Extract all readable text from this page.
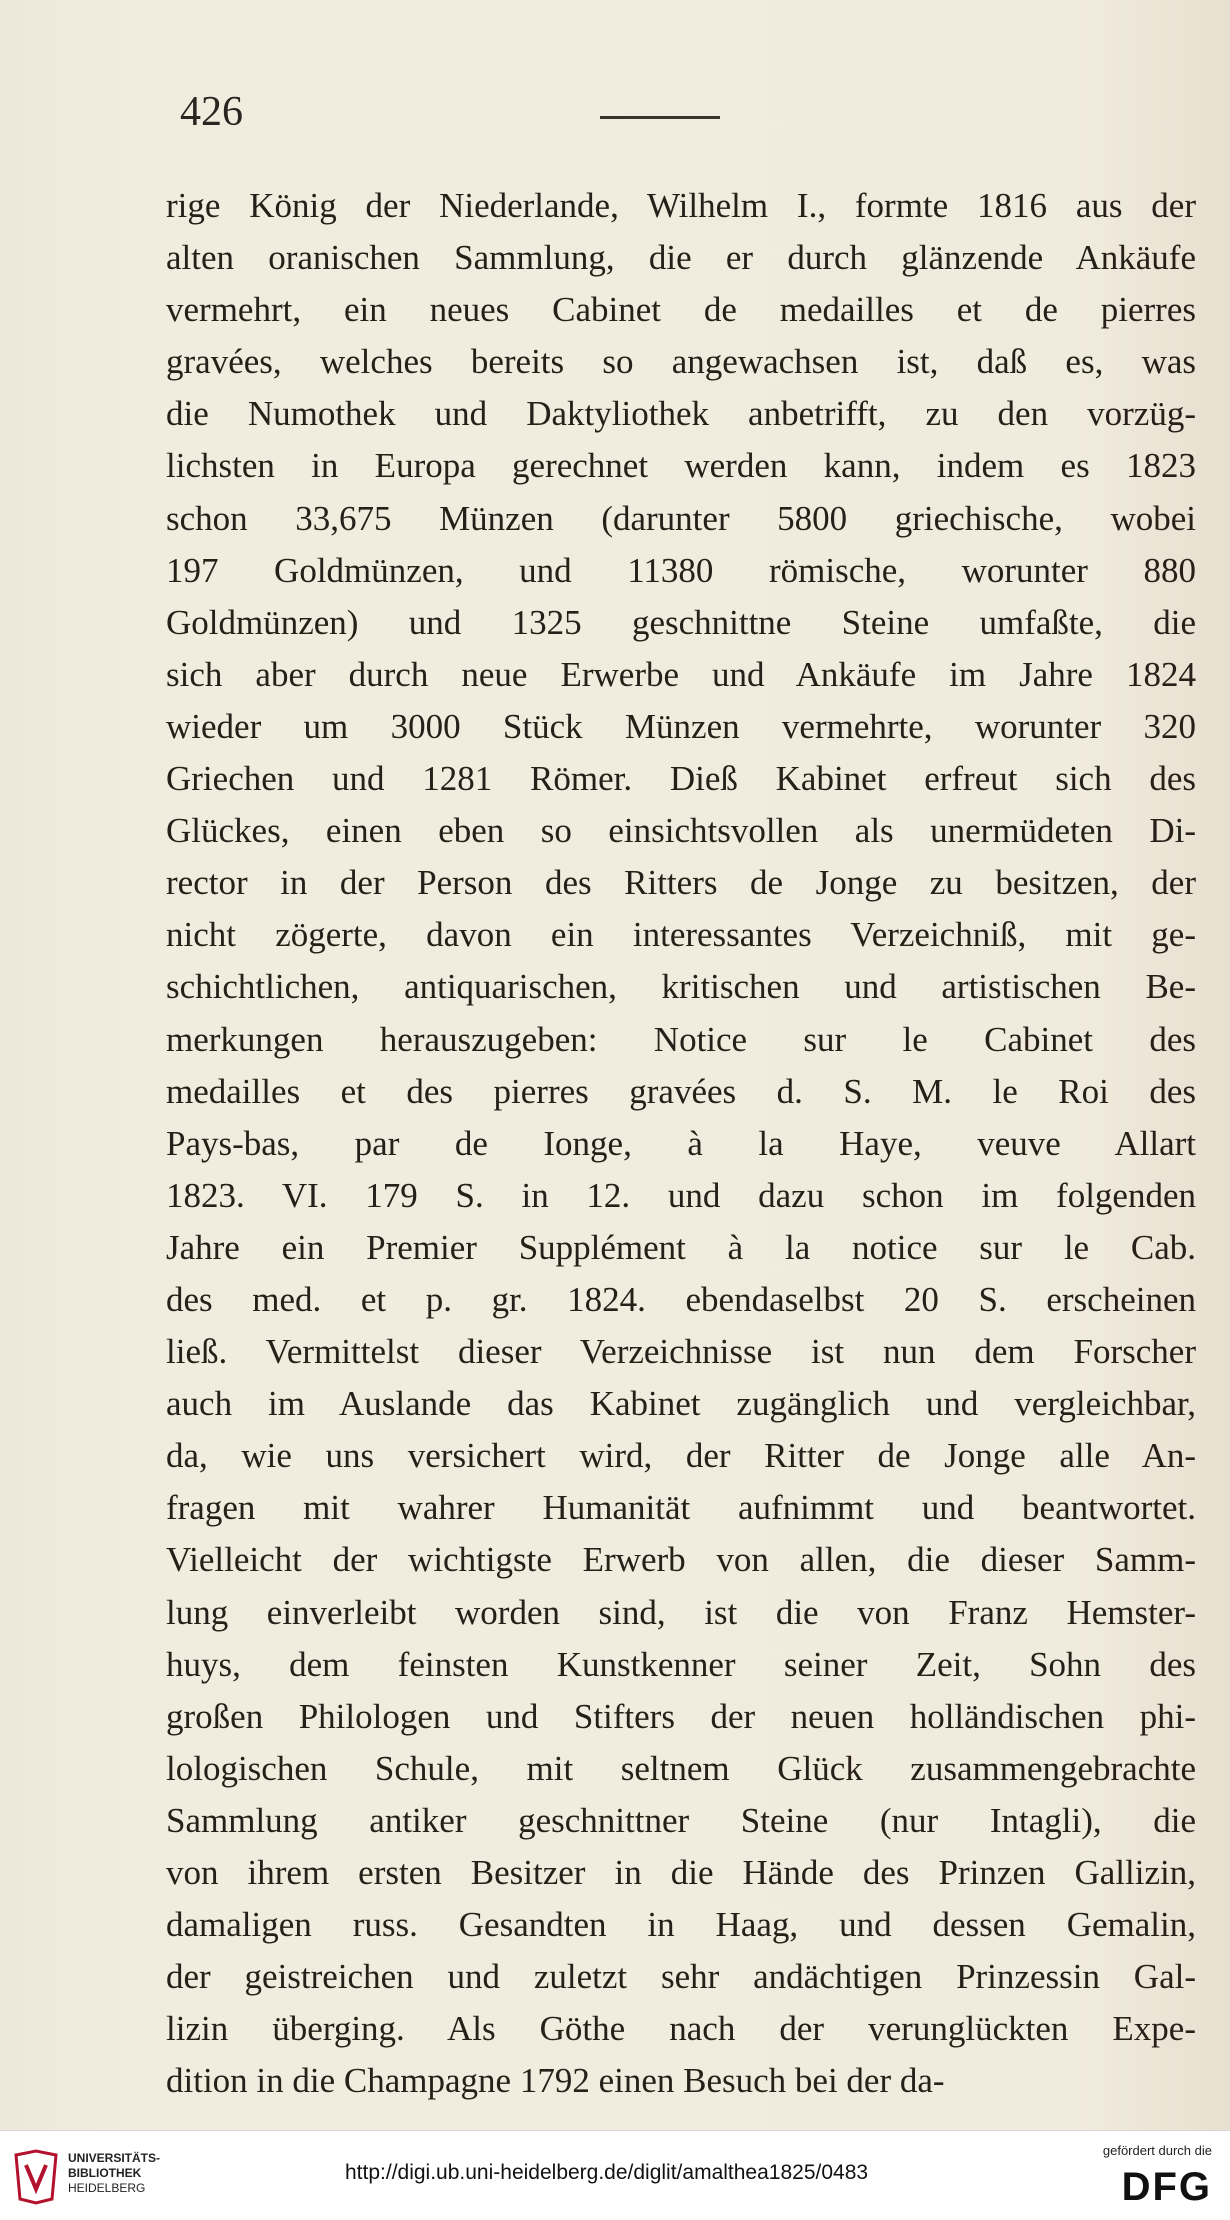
426
rige König der Niederlande, Wilhelm I., formte 1816 aus der
alten oranischen Sammlung, die er durch glänzende Ankäufe
vermehrt, ein neues Cabinet de medailles et de pierres
gravées, welches bereits so angewachsen ist, daß es, was
die Numothek und Daktyliothek anbetrifft, zu den vorzüg-
lichsten in Europa gerechnet werden kann, indem es 1823
schon 33,675 Münzen (darunter 5800 griechische, wobei
197 Goldmünzen, und 11380 römische, worunter 880
Goldmünzen) und 1325 geschnittne Steine umfaßte, die
sich aber durch neue Erwerbe und Ankäufe im Jahre 1824
wieder um 3000 Stück Münzen vermehrte, worunter 320
Griechen und 1281 Römer. Dieß Kabinet erfreut sich des
Glückes, einen eben so einsichtsvollen als unermüdeten Di-
rector in der Person des Ritters de Jonge zu besitzen, der
nicht zögerte, davon ein interessantes Verzeichniß, mit ge-
schichtlichen, antiquarischen, kritischen und artistischen Be-
merkungen herauszugeben: Notice sur le Cabinet des
medailles et des pierres gravées d. S. M. le Roi des
Pays-bas, par de Ionge, à la Haye, veuve Allart
1823. VI. 179 S. in 12. und dazu schon im folgenden
Jahre ein Premier Supplément à la notice sur le Cab.
des med. et p. gr. 1824. ebendaselbst 20 S. erscheinen
ließ. Vermittelst dieser Verzeichnisse ist nun dem Forscher
auch im Auslande das Kabinet zugänglich und vergleichbar,
da, wie uns versichert wird, der Ritter de Jonge alle An-
fragen mit wahrer Humanität aufnimmt und beantwortet.
Vielleicht der wichtigste Erwerb von allen, die dieser Samm-
lung einverleibt worden sind, ist die von Franz Hemster-
huys, dem feinsten Kunstkenner seiner Zeit, Sohn des
großen Philologen und Stifters der neuen holländischen phi-
lologischen Schule, mit seltnem Glück zusammengebrachte
Sammlung antiker geschnittner Steine (nur Intagli), die
von ihrem ersten Besitzer in die Hände des Prinzen Gallizin,
damaligen russ. Gesandten in Haag, und dessen Gemalin,
der geistreichen und zuletzt sehr andächtigen Prinzessin Gal-
lizin überging. Als Göthe nach der verunglückten Expe-
dition in die Champagne 1792 einen Besuch bei der da-
UNIVERSITÄTS-
BIBLIOTHEK
HEIDELBERG
http://digi.ub.uni-heidelberg.de/diglit/amalthea1825/0483
gefördert durch die
DFG
